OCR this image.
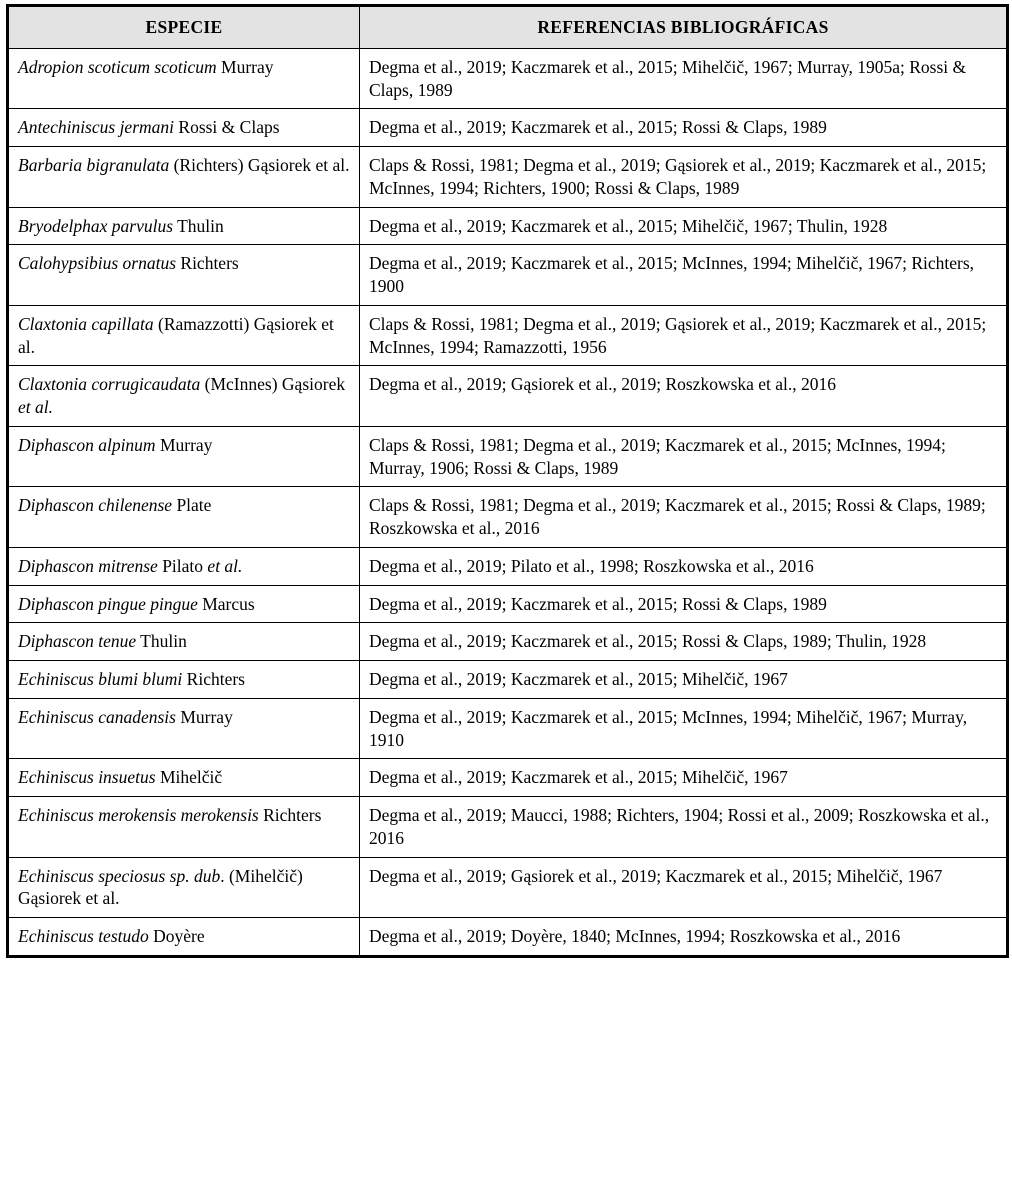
ESPECIE	REFERENCIAS BIBLIOGRÁFICAS
Adropion scoticum scoticum Murray	Degma et al., 2019; Kaczmarek et al., 2015; Mihelčič, 1967; Murray, 1905a; Rossi & Claps, 1989
Antechiniscus jermani Rossi & Claps	Degma et al., 2019; Kaczmarek et al., 2015; Rossi & Claps, 1989
Barbaria bigranulata (Richters) Gąsiorek et al.	Claps & Rossi, 1981; Degma et al., 2019; Gąsiorek et al., 2019; Kaczmarek et al., 2015; McInnes, 1994; Richters, 1900; Rossi & Claps, 1989
Bryodelphax parvulus Thulin	Degma et al., 2019; Kaczmarek et al., 2015; Mihelčič, 1967; Thulin, 1928
Calohypsibius ornatus Richters	Degma et al., 2019; Kaczmarek et al., 2015; McInnes, 1994; Mihelčič, 1967; Richters, 1900
Claxtonia capillata (Ramazzotti) Gąsiorek et al.	Claps & Rossi, 1981; Degma et al., 2019; Gąsiorek et al., 2019; Kaczmarek et al., 2015; McInnes, 1994; Ramazzotti, 1956
Claxtonia corrugicaudata (McInnes) Gąsiorek et al.	Degma et al., 2019; Gąsiorek et al., 2019; Roszkowska et al., 2016
Diphascon alpinum Murray	Claps & Rossi, 1981; Degma et al., 2019; Kaczmarek et al., 2015; McInnes, 1994; Murray, 1906; Rossi & Claps, 1989
Diphascon chilenense Plate	Claps & Rossi, 1981; Degma et al., 2019; Kaczmarek et al., 2015; Rossi & Claps, 1989; Roszkowska et al., 2016
Diphascon mitrense Pilato et al.	Degma et al., 2019; Pilato et al., 1998; Roszkowska et al., 2016
Diphascon pingue pingue Marcus	Degma et al., 2019; Kaczmarek et al., 2015; Rossi & Claps, 1989
Diphascon tenue Thulin	Degma et al., 2019; Kaczmarek et al., 2015; Rossi & Claps, 1989; Thulin, 1928
Echiniscus blumi blumi Richters	Degma et al., 2019; Kaczmarek et al., 2015; Mihelčič, 1967
Echiniscus canadensis Murray	Degma et al., 2019; Kaczmarek et al., 2015; McInnes, 1994; Mihelčič, 1967; Murray, 1910
Echiniscus insuetus Mihelčič	Degma et al., 2019; Kaczmarek et al., 2015; Mihelčič, 1967
Echiniscus merokensis merokensis Richters	Degma et al., 2019; Maucci, 1988; Richters, 1904; Rossi et al., 2009; Roszkowska et al., 2016
Echiniscus speciosus sp. dub. (Mihelčič) Gąsiorek et al.	Degma et al., 2019; Gąsiorek et al., 2019; Kaczmarek et al., 2015; Mihelčič, 1967
Echiniscus testudo Doyère	Degma et al., 2019; Doyère, 1840; McInnes, 1994; Roszkowska et al., 2016
